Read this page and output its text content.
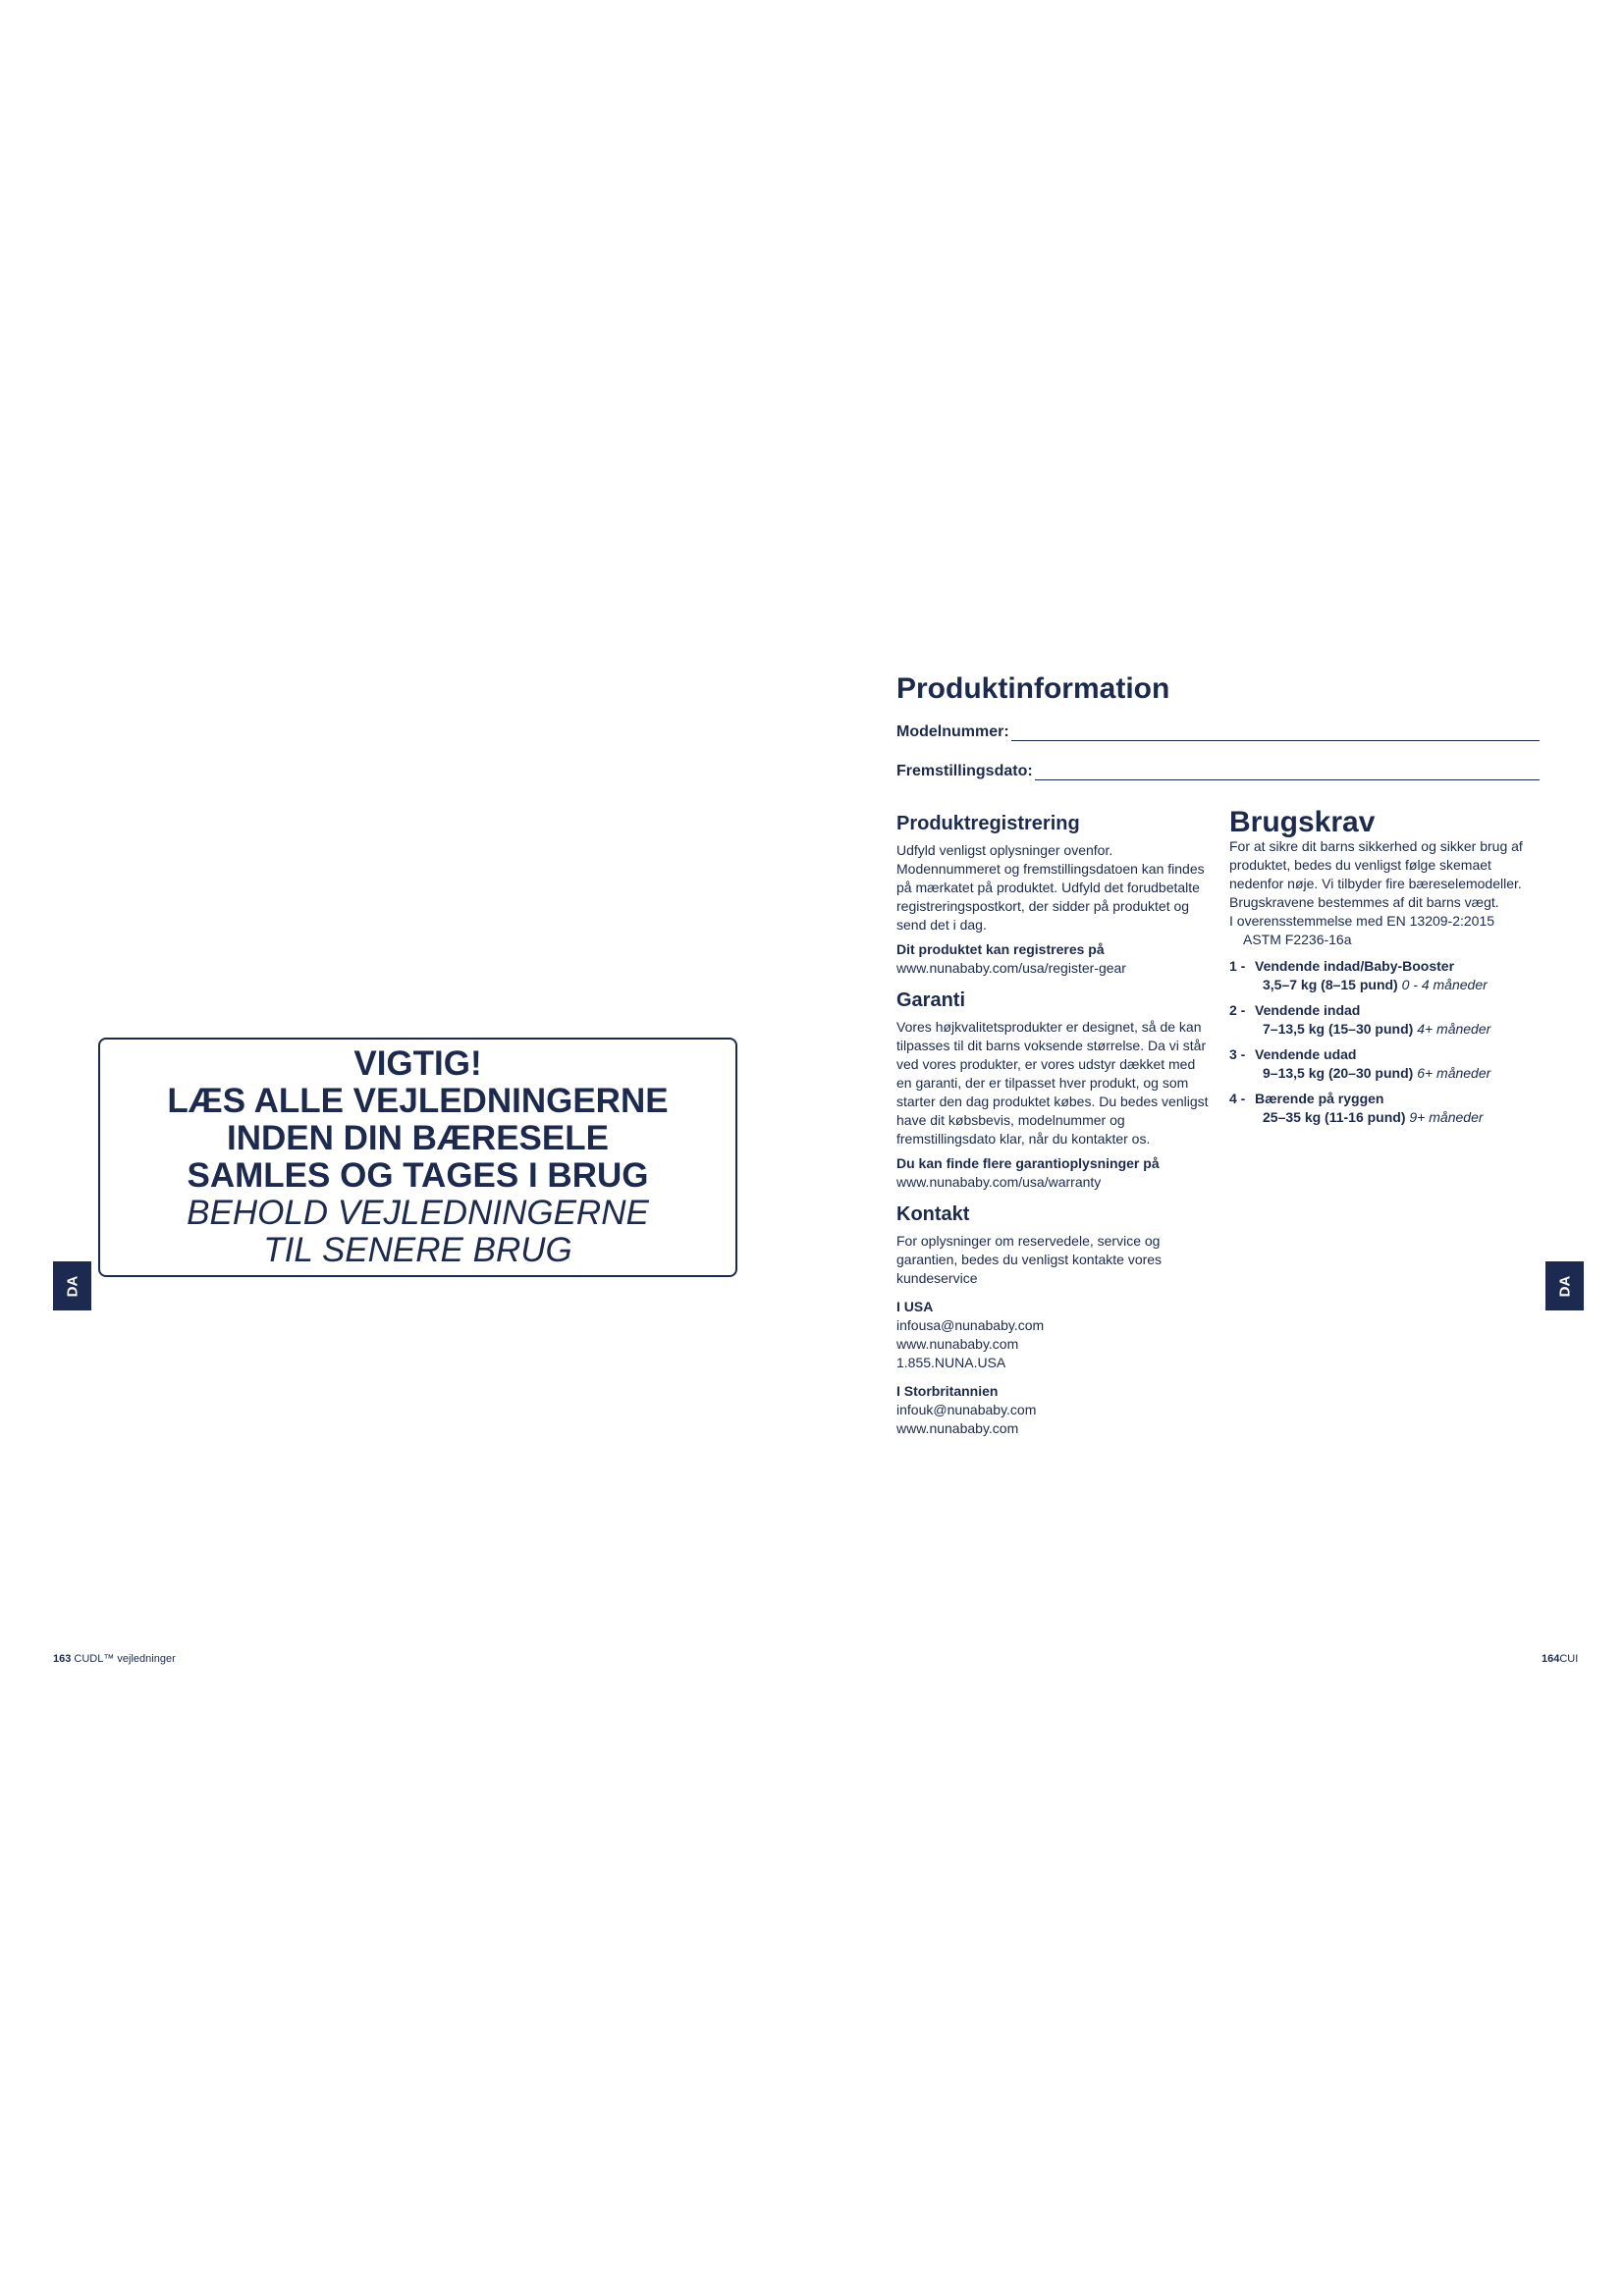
VIGTIG!

LÆS ALLE VEJLEDNINGERNE

INDEN DIN BÆRESELE

SAMLES OG TAGES I BRUG

BEHOLD VEJLEDNINGERNE

TIL SENERE BRUG

DA
163 CUDL™ vejledninger
Produktinformation
Modelnummer:
Fremstillingsdato:
Produktregistrering

Udfyld venligst oplysninger ovenfor. Modennummeret og fremstillingsdatoen kan findes på mærkatet på produktet. Udfyld det forudbetalte registreringspostkort, der sidder på produktet og send det i dag.

Dit produktet kan registreres på
www.nunababy.com/usa/register-gear

Garanti

Vores højkvalitetsprodukter er designet, så de kan tilpasses til dit barns voksende størrelse. Da vi står ved vores produkter, er vores udstyr dækket med en garanti, der er tilpasset hver produkt, og som starter den dag produktet købes. Du bedes venligst have dit købsbevis, modelnummer og fremstillingsdato klar, når du kontakter os.

Du kan finde flere garantioplysninger på
www.nunababy.com/usa/warranty

Kontakt

For oplysninger om reservedele, service og garantien, bedes du venligst kontakte vores kundeservice

I USA
infousa@nunababy.com
www.nunababy.com
1.855.NUNA.USA

I Storbritannien
infouk@nunababy.com
www.nunababy.com

Brugskrav

For at sikre dit barns sikkerhed og sikker brug af produktet, bedes du venligst følge skemaet nedenfor nøje. Vi tilbyder fire bæreselemodeller. Brugskravene bestemmes af dit barns vægt.

I overensstemmelse med EN 13209-2:2015

ASTM F2236-16a

1 - Vendende indad/Baby-Booster
3,5–7 kg (8–15 pund) 0 - 4 måneder
2 - Vendende indad
7–13,5 kg (15–30 pund) 4+ måneder
3 - Vendende udad
9–13,5 kg (20–30 pund) 6+ måneder
4 - Bærende på ryggen
25–35 kg (11-16 pund) 9+ måneder
DA
164CUI
